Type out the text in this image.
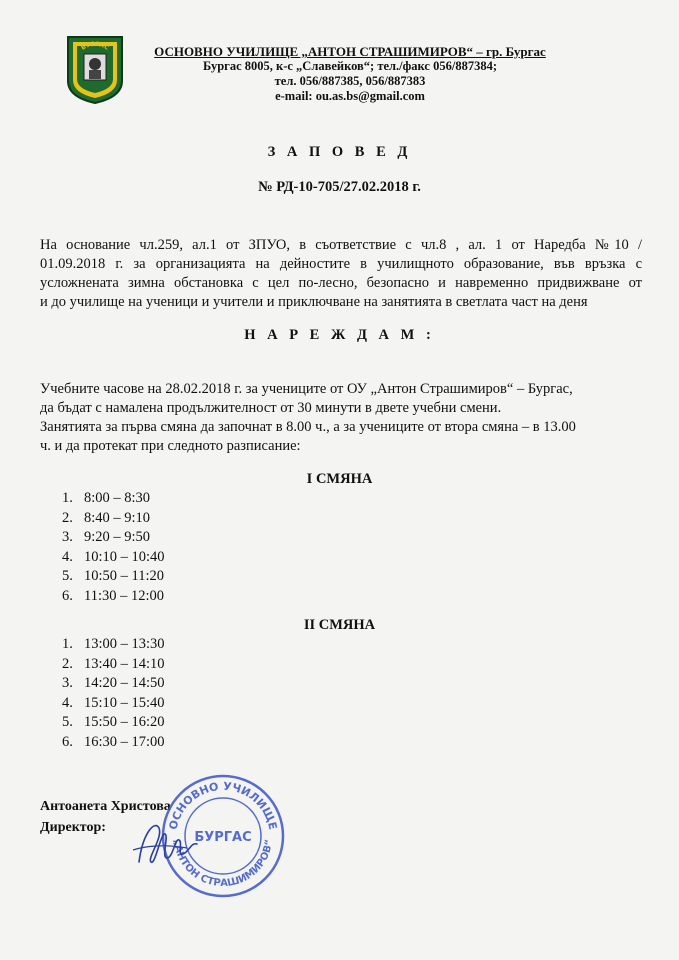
БУРГАС	ОСНОВНО УЧИЛИЩЕ „АНТОН СТРАШИМИРОВ“ – гр. Бургас
Бургас 8005, к-с „Славейков“; тел./факс 056/887384;
тел. 056/887385, 056/887383
e-mail: ou.as.bs@gmail.com
З А П О В Е Д
№ РД-10-705/27.02.2018 г.
На основание чл.259, ал.1 от ЗПУО, в съответствие с чл.8 , ал. 1 от Наредба №10 /
01.09.2018 г. за организацията на дейностите в училищното образование, във връзка с
усложнената зимна обстановка с цел по-лесно, безопасно и навременно придвижване от
и до училище на ученици и учители и приключване на занятията в светлата част на деня
Н А Р Е Ж Д А М :
Учебните часове на 28.02.2018 г. за учениците от ОУ „Антон Страшимиров“ – Бургас,
да бъдат с намалена продължителност от 30 минути в двете учебни смени.
Занятията за първа смяна да започнат в 8.00 ч., а за учениците от втора смяна – в 13.00
ч. и да протекат при следното разписание:
I СМЯНА
1. 8:00 – 8:30
2. 8:40 – 9:10
3. 9:20 – 9:50
4. 10:10 – 10:40
5. 10:50 – 11:20
6. 11:30 – 12:00
II СМЯНА
1. 13:00 – 13:30
2. 13:40 – 14:10
3. 14:20 – 14:50
4. 15:10 – 15:40
5. 15:50 – 16:20
6. 16:30 – 17:00
Антоанета Христова
Директор:	ОСНОВНО УЧИЛИЩЕ
„АНТОН СТРАШИМИРОВ“
БУРГАС
